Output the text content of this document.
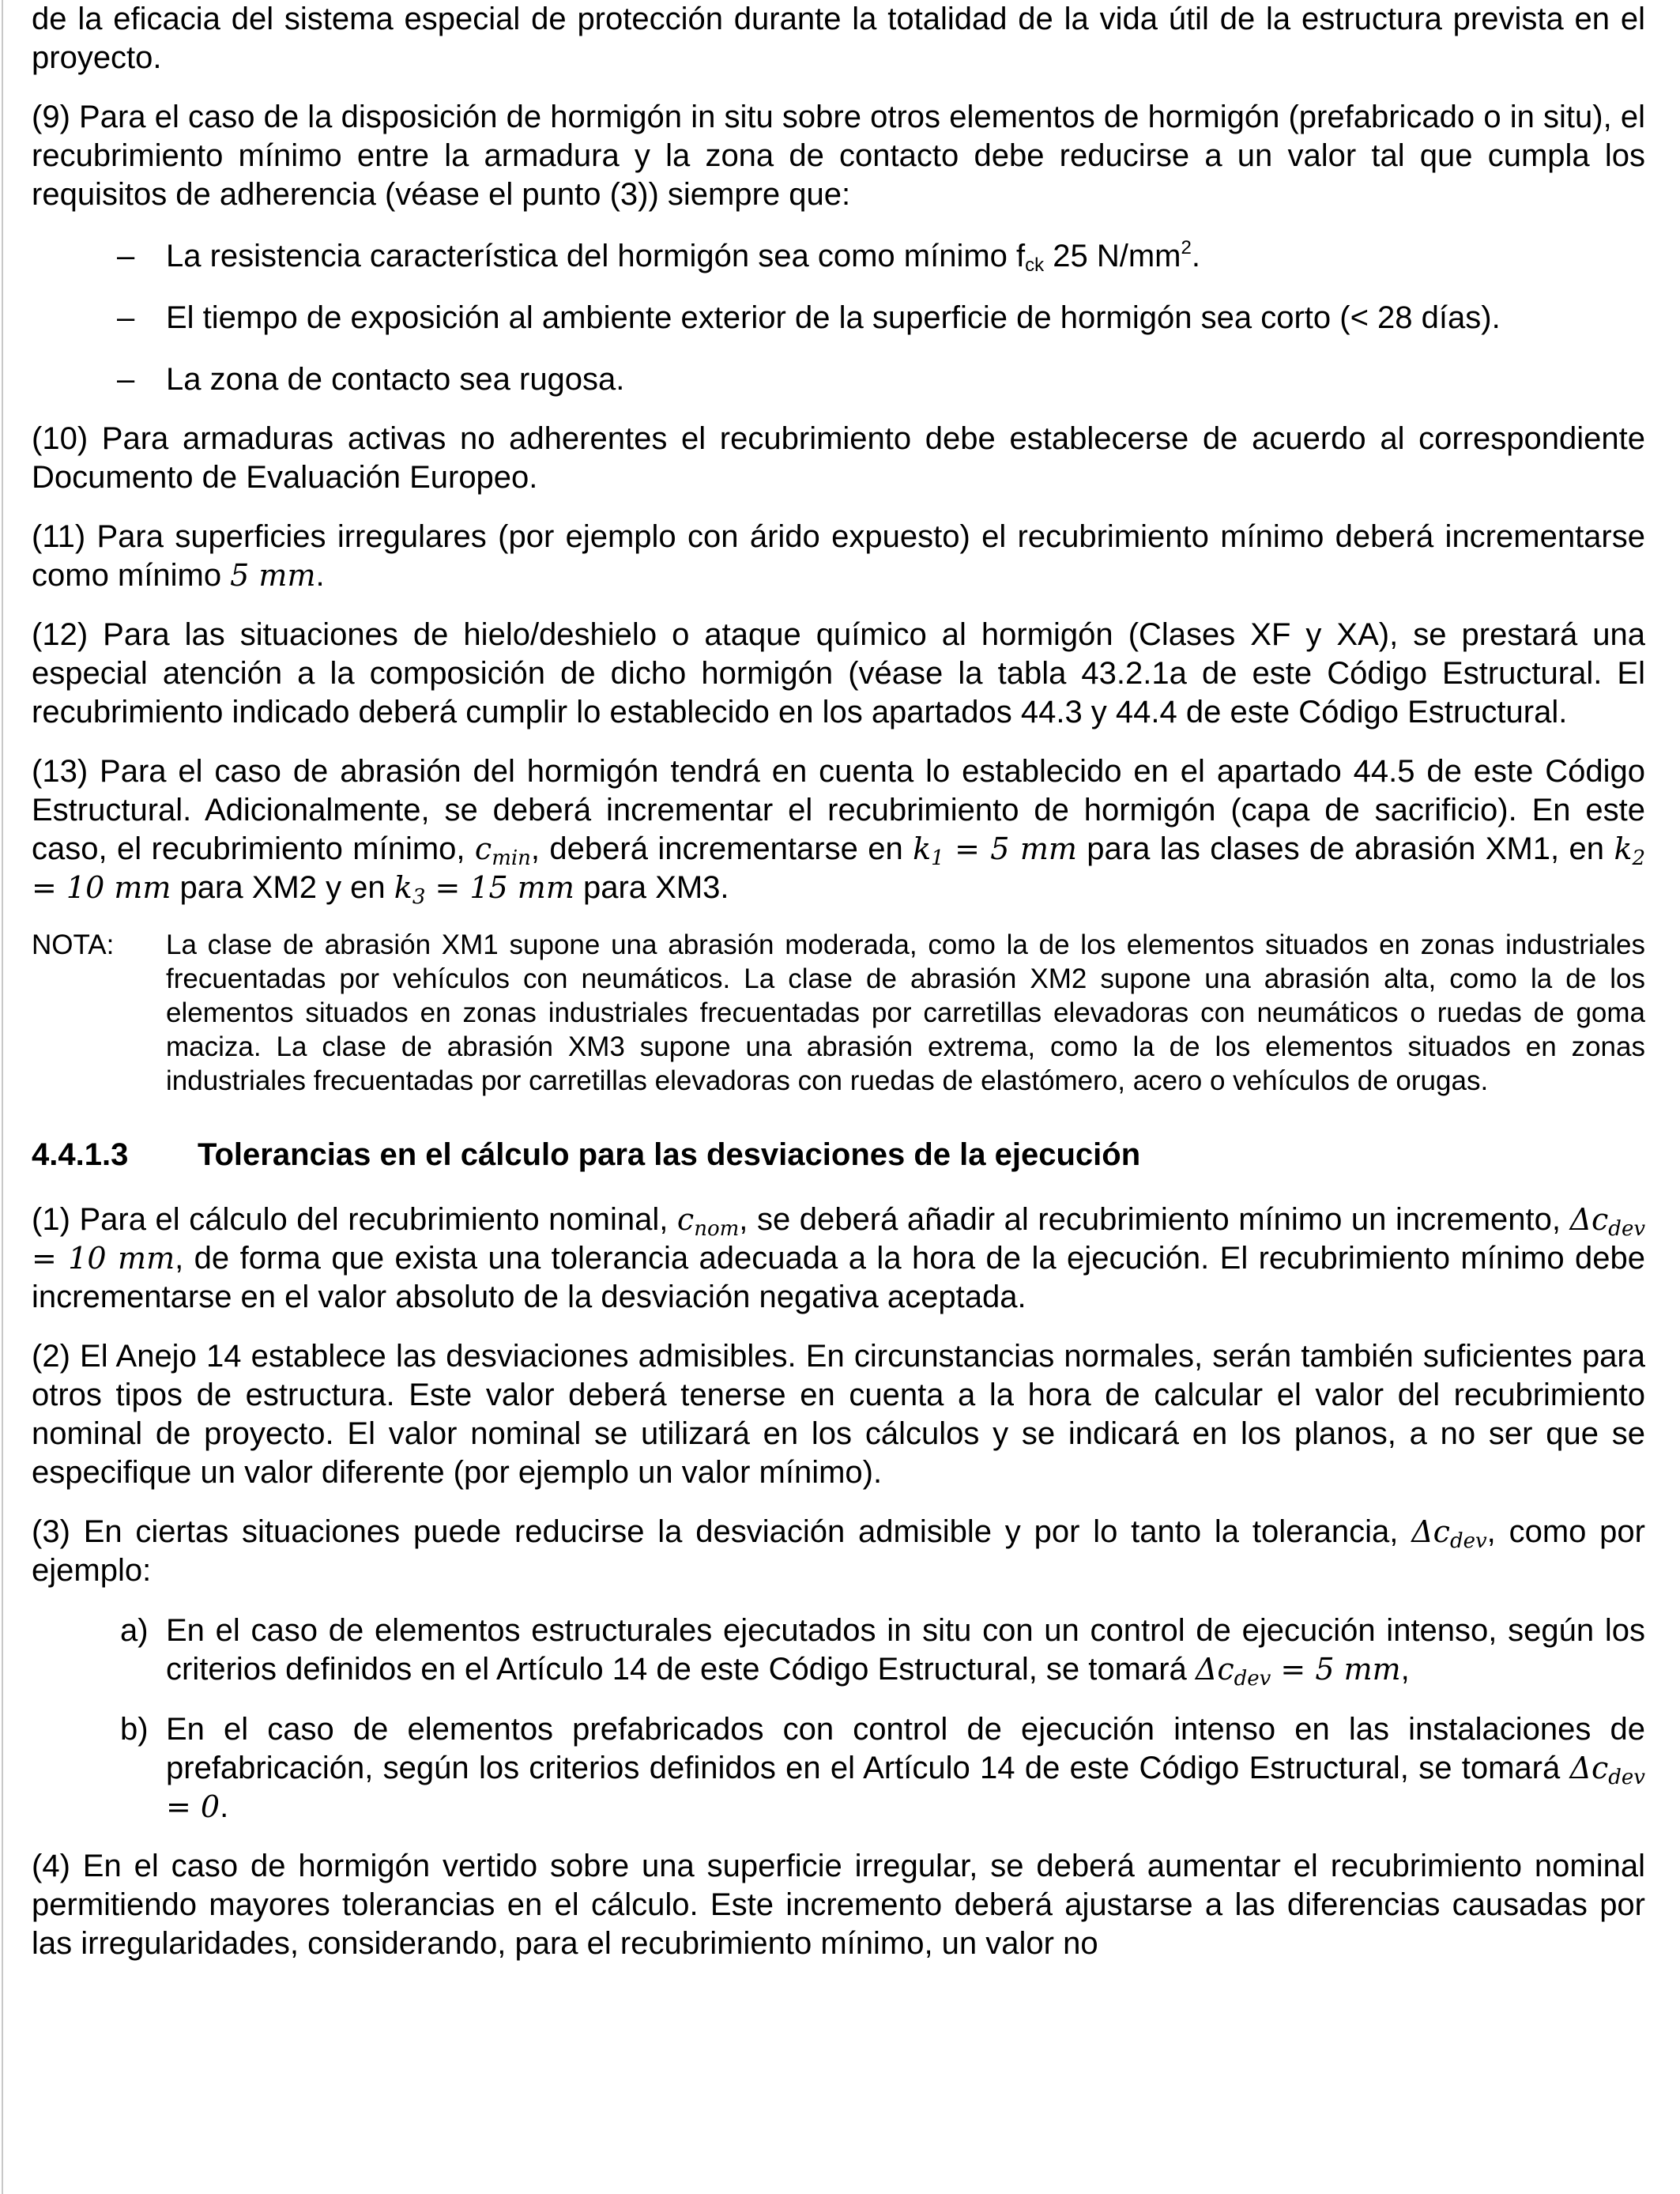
de la eficacia del sistema especial de protección durante la totalidad de la vida útil de la estructura prevista en el proyecto.

(9) Para el caso de la disposición de hormigón in situ sobre otros elementos de hormigón (prefabricado o in situ), el recubrimiento mínimo entre la armadura y la zona de contacto debe reducirse a un valor tal que cumpla los requisitos de adherencia (véase el punto (3)) siempre que:

– La resistencia característica del hormigón sea como mínimo $f_{ck}$ 25 $N/mm^2$.
– El tiempo de exposición al ambiente exterior de la superficie de hormigón sea corto (< 28 días).
– La zona de contacto sea rugosa.

(10) Para armaduras activas no adherentes el recubrimiento debe establecerse de acuerdo al correspondiente Documento de Evaluación Europeo.

(11) Para superficies irregulares (por ejemplo con árido expuesto) el recubrimiento mínimo deberá incrementarse como mínimo 5 mm.

(12) Para las situaciones de hielo/deshielo o ataque químico al hormigón (Clases XF y XA), se prestará una especial atención a la composición de dicho hormigón (véase la tabla 43.2.1a de este Código Estructural. El recubrimiento indicado deberá cumplir lo establecido en los apartados 44.3 y 44.4 de este Código Estructural.

(13) Para el caso de abrasión del hormigón tendrá en cuenta lo establecido en el apartado 44.5 de este Código Estructural. Adicionalmente, se deberá incrementar el recubrimiento de hormigón (capa de sacrificio). En este caso, el recubrimiento mínimo, $c_{min}$, deberá incrementarse en $k_1 = 5$ mm para las clases de abrasión XM1, en $k_2 = 10$ mm para XM2 y en $k_3 = 15$ mm para XM3.

NOTA: La clase de abrasión XM1 supone una abrasión moderada, como la de los elementos situados en zonas industriales frecuentadas por vehículos con neumáticos. La clase de abrasión XM2 supone una abrasión alta, como la de los elementos situados en zonas industriales frecuentadas por carretillas elevadoras con neumáticos o ruedas de goma maciza. La clase de abrasión XM3 supone una abrasión extrema, como la de los elementos situados en zonas industriales frecuentadas por carretillas elevadoras con ruedas de elastómero, acero o vehículos de orugas.
4.4.1.3 Tolerancias en el cálculo para las desviaciones de la ejecución

(1) Para el cálculo del recubrimiento nominal, $c_{nom}$, se deberá añadir al recubrimiento mínimo un incremento, $\Delta c_{dev} = 10$ mm, de forma que exista una tolerancia adecuada a la hora de la ejecución. El recubrimiento mínimo debe incrementarse en el valor absoluto de la desviación negativa aceptada.

(2) El Anejo 14 establece las desviaciones admisibles. En circunstancias normales, serán también suficientes para otros tipos de estructura. Este valor deberá tenerse en cuenta a la hora de calcular el valor del recubrimiento nominal de proyecto. El valor nominal se utilizará en los cálculos y se indicará en los planos, a no ser que se especifique un valor diferente (por ejemplo un valor mínimo).

(3) En ciertas situaciones puede reducirse la desviación admisible y por lo tanto la tolerancia, $\Delta c_{dev}$, como por ejemplo:

a) En el caso de elementos estructurales ejecutados in situ con un control de ejecución intenso, según los criterios definidos en el Artículo 14 de este Código Estructural, se tomará $\Delta c_{dev} = 5$ mm,
b) En el caso de elementos prefabricados con control de ejecución intenso en las instalaciones de prefabricación, según los criterios definidos en el Artículo 14 de este Código Estructural, se tomará $\Delta c_{dev} = 0$.

(4) En el caso de hormigón vertido sobre una superficie irregular, se deberá aumentar el recubrimiento nominal permitiendo mayores tolerancias en el cálculo. Este incremento deberá ajustarse a las diferencias causadas por las irregularidades, considerando, para el recubrimiento mínimo, un valor no
